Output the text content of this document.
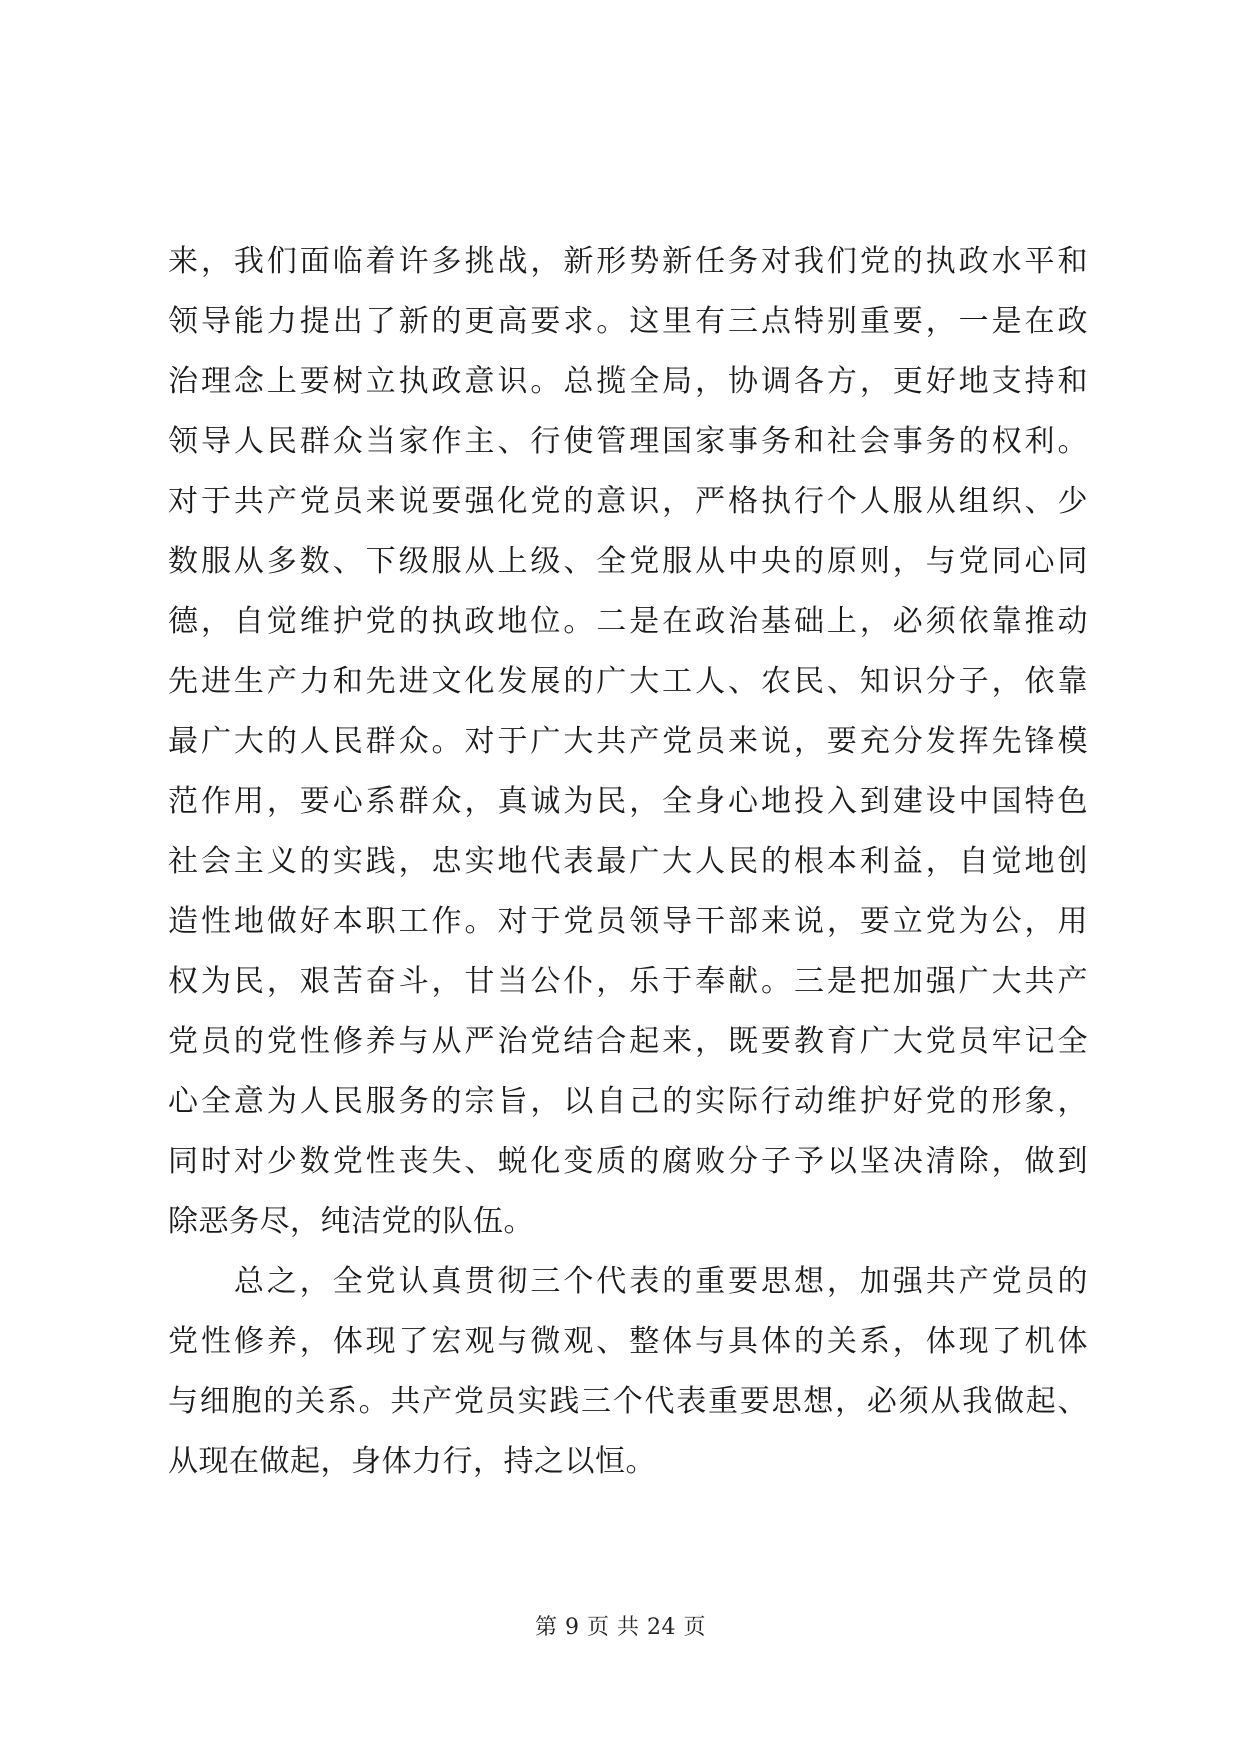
来，我们面临着许多挑战，新形势新任务对我们党的执政水平和
领导能力提出了新的更高要求。这里有三点特别重要，一是在政
治理念上要树立执政意识。总揽全局，协调各方，更好地支持和
领导人民群众当家作主、行使管理国家事务和社会事务的权利。
对于共产党员来说要强化党的意识，严格执行个人服从组织、少
数服从多数、下级服从上级、全党服从中央的原则，与党同心同
德，自觉维护党的执政地位。二是在政治基础上，必须依靠推动
先进生产力和先进文化发展的广大工人、农民、知识分子，依靠
最广大的人民群众。对于广大共产党员来说，要充分发挥先锋模
范作用，要心系群众，真诚为民，全身心地投入到建设中国特色
社会主义的实践，忠实地代表最广大人民的根本利益，自觉地创
造性地做好本职工作。对于党员领导干部来说，要立党为公，用
权为民，艰苦奋斗，甘当公仆，乐于奉献。三是把加强广大共产
党员的党性修养与从严治党结合起来，既要教育广大党员牢记全
心全意为人民服务的宗旨，以自己的实际行动维护好党的形象，
同时对少数党性丧失、蜕化变质的腐败分子予以坚决清除，做到
除恶务尽，纯洁党的队伍。
　　总之，全党认真贯彻三个代表的重要思想，加强共产党员的
党性修养，体现了宏观与微观、整体与具体的关系，体现了机体
与细胞的关系。共产党员实践三个代表重要思想，必须从我做起、
从现在做起，身体力行，持之以恒。
第 9 页 共 24 页
